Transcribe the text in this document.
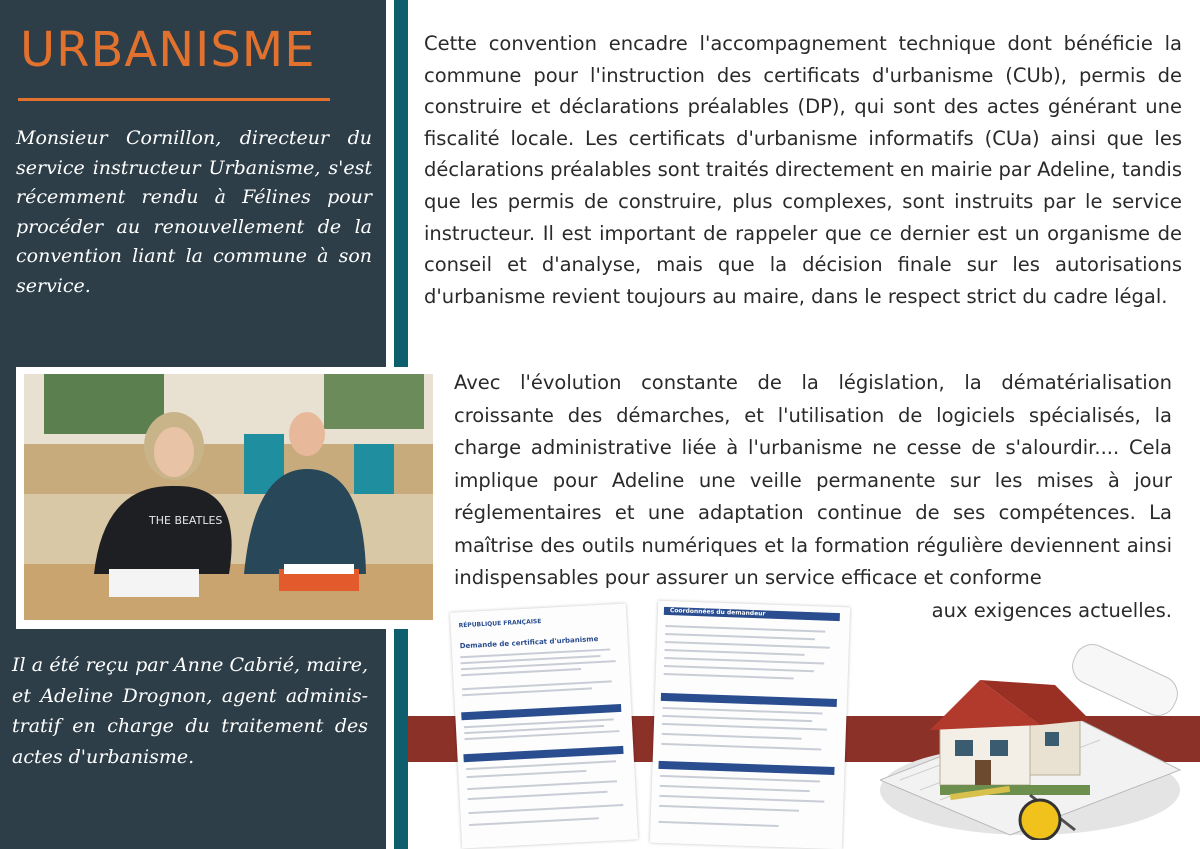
URBANISME
Monsieur Cornillon, directeur du service instructeur Urbanisme, s'est récemment rendu à Félines pour procéder au renouvellement de la convention liant la commune à son service.
THE BEATLES
Il a été reçu par Anne Cabrié, maire, et Adeline Drognon, agent adminis-tratif en charge du traitement des actes d'urbanisme.
Cette convention encadre l'accompagnement technique dont bénéficie la commune pour l'instruction des certificats d'urbanisme (CUb), permis de construire et déclarations préalables (DP), qui sont des actes générant une fiscalité locale. Les certificats d'urbanisme informatifs (CUa) ainsi que les déclarations préalables sont traités directement en mairie par Adeline, tandis que les permis de construire, plus complexes, sont instruits par le service instructeur. Il est important de rappeler que ce dernier est un organisme de conseil et d'analyse, mais que la décision finale sur les autorisations d'urbanisme revient toujours au maire, dans le respect strict du cadre légal.
Avec l'évolution constante de la législation, la dématérialisation croissante des démarches, et l'utilisation de logiciels spécialisés, la charge administrative liée à l'urbanisme ne cesse de s'alourdir.... Cela implique pour Adeline une veille permanente sur les mises à jour réglementaires et une adaptation continue de ses compétences. La maîtrise des outils numériques et la formation régulière deviennent ainsi indispensables pour assurer un service efficace et conforme
aux exigences actuelles.
RÉPUBLIQUE FRANÇAISE
Demande de certificat d'urbanisme
Coordonnées du demandeur
